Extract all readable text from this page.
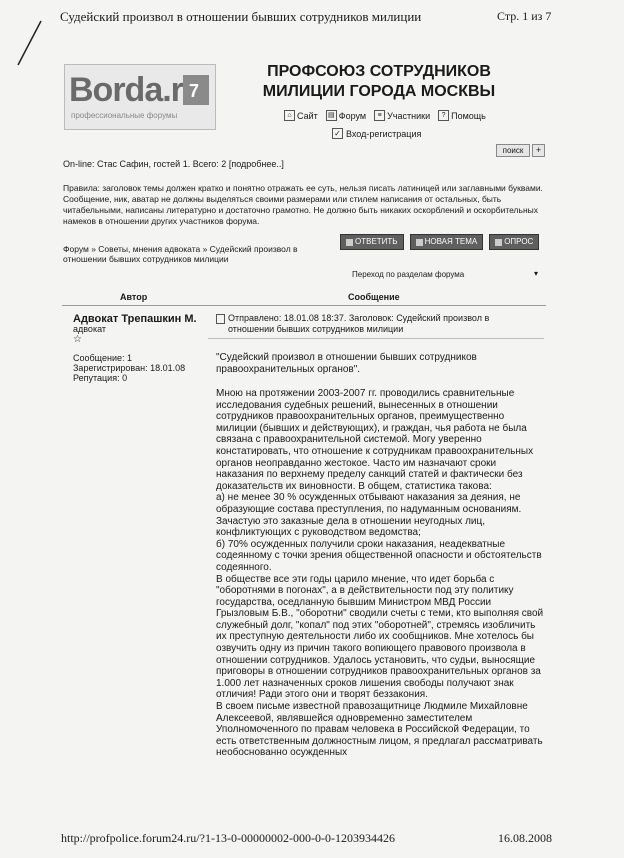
Судейский произвол в отношении бывших сотрудников милиции	Стр. 1 из 7
Borda.r 7
профессиональные форумы
ПРОФСОЮЗ СОТРУДНИКОВ МИЛИЦИИ ГОРОДА МОСКВЫ
⌂ Сайт	▤ Форум	≡ Участники	? Помощь
✓ Вход-регистрация
поиск	+
On-line: Стас Сафин, гостей 1. Всего: 2 [подробнее..]
Правила: заголовок темы должен кратко и понятно отражать ее суть, нельзя писать латиницей или заглавными буквами. Сообщение, ник, аватар не должны выделяться своими размерами или стилем написания от остальных, быть читабельными, написаны литературно и достаточно грамотно. Не должно быть никаких оскорблений и оскорбительных намеков в отношении других участников форума.
Форум » Советы, мнения адвоката » Судейский произвол в отношении бывших сотрудников милиции
ОТВЕТИТЬ	НОВАЯ ТЕМА	ОПРОС
Переход по разделам форума	▾
Автор	Сообщение
Адвокат Трепашкин М.
адвокат
☆
Сообщение: 1
Зарегистрирован: 18.01.08
Репутация: 0
Отправлено: 18.01.08 18:37. Заголовок: Судейский произвол в отношении бывших сотрудников милиции
"Судейский произвол в отношении бывших сотрудников правоохранительных органов".

Мною на протяжении 2003-2007 гг. проводились сравнительные исследования судебных решений, вынесенных в отношении сотрудников правоохранительных органов, преимущественно милиции (бывших и действующих), и граждан, чья работа не была связана с правоохранительной системой. Могу уверенно констатировать, что отношение к сотрудникам правоохранительных органов неоправданно жестокое. Часто им назначают сроки наказания по верхнему пределу санкций статей и фактически без доказательств их виновности. В общем, статистика такова:

а) не менее 30 % осужденных отбывают наказания за деяния, не образующие состава преступления, по надуманным основаниям. Зачастую это заказные дела в отношении неугодных лиц, конфликтующих с руководством ведомства;

б) 70% осужденных получили сроки наказания, неадекватные содеянному с точки зрения общественной опасности и обстоятельств содеянного.

В обществе все эти годы царило мнение, что идет борьба с "оборотнями в погонах", а в действительности под эту политику государства, оседланную бывшим Министром МВД России Грызловым Б.В., "оборотни" сводили счеты с теми, кто выполняя свой служебный долг, "копал" под этих "оборотней", стремясь изобличить их преступную деятельности либо их сообщников. Мне хотелось бы озвучить одну из причин такого вопиющего правового произвола в отношении сотрудников. Удалось установить, что судьи, выносящие приговоры в отношении сотрудников правоохранительных органов за 1.000 лет назначенных сроков лишения свободы получают знак отличия! Ради этого они и творят беззакония.

В своем письме известной правозащитнице Людмиле Михайловне Алексеевой, являвшейся одновременно заместителем Уполномоченного по правам человека в Российской Федерации, то есть ответственным должностным лицом, я предлагал рассматривать необоснованно осужденных

http://profpolice.forum24.ru/?1-13-0-00000002-000-0-0-1203934426	16.08.2008
